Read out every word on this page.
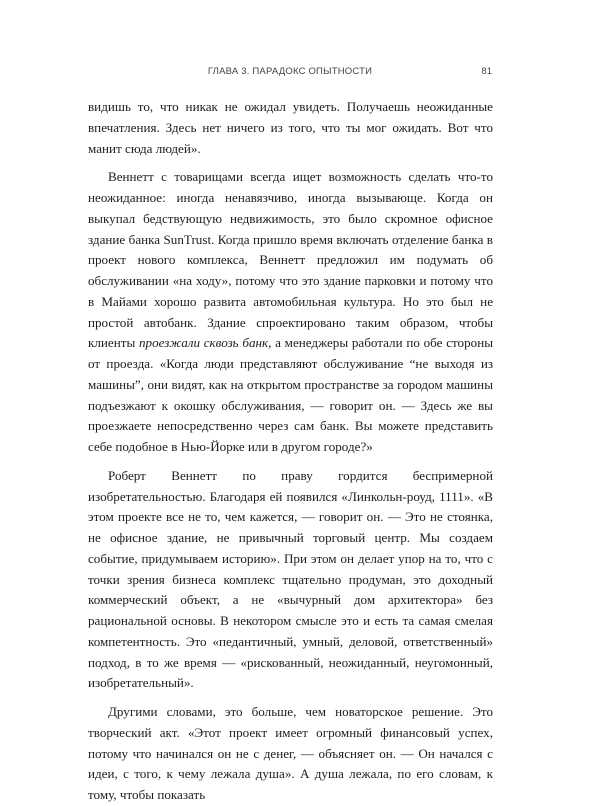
ГЛАВА 3. ПАРАДОКС ОПЫТНОСТИ	81

видишь то, что никак не ожидал увидеть. Получаешь неожиданные впечатления. Здесь нет ничего из того, что ты мог ожидать. Вот что манит сюда людей».

Веннетт с товарищами всегда ищет возможность сделать что-то неожиданное: иногда ненавязчиво, иногда вызывающе. Когда он выкупал бедствующую недвижимость, это было скромное офисное здание банка SunTrust. Когда пришло время включать отделение банка в проект нового комплекса, Веннетт предложил им подумать об обслуживании «на ходу», потому что это здание парковки и потому что в Майами хорошо развита автомобильная культура. Но это был не простой автобанк. Здание спроектировано таким образом, чтобы клиенты проезжали сквозь банк, а менеджеры работали по обе стороны от проезда. «Когда люди представляют обслуживание “не выходя из машины”, они видят, как на открытом пространстве за городом машины подъезжают к окошку обслуживания, — говорит он. — Здесь же вы проезжаете непосредственно через сам банк. Вы можете представить себе подобное в Нью-Йорке или в другом городе?»

Роберт Веннетт по праву гордится беспримерной изобретательностью. Благодаря ей появился «Линкольн-роуд, 1111». «В этом проекте все не то, чем кажется, — говорит он. — Это не стоянка, не офисное здание, не привычный торговый центр. Мы создаем событие, придумываем историю». При этом он делает упор на то, что с точки зрения бизнеса комплекс тщательно продуман, это доходный коммерческий объект, а не «вычурный дом архитектора» без рациональной основы. В некотором смысле это и есть та самая смелая компетентность. Это «педантичный, умный, деловой, ответственный» подход, в то же время — «рискованный, неожиданный, неугомонный, изобретательный».

Другими словами, это больше, чем новаторское решение. Это творческий акт. «Этот проект имеет огромный финансовый успех, потому что начинался он не с денег, — объясняет он. — Он начался с идеи, с того, к чему лежала душа». А душа лежала, по его словам, к тому, чтобы показать
